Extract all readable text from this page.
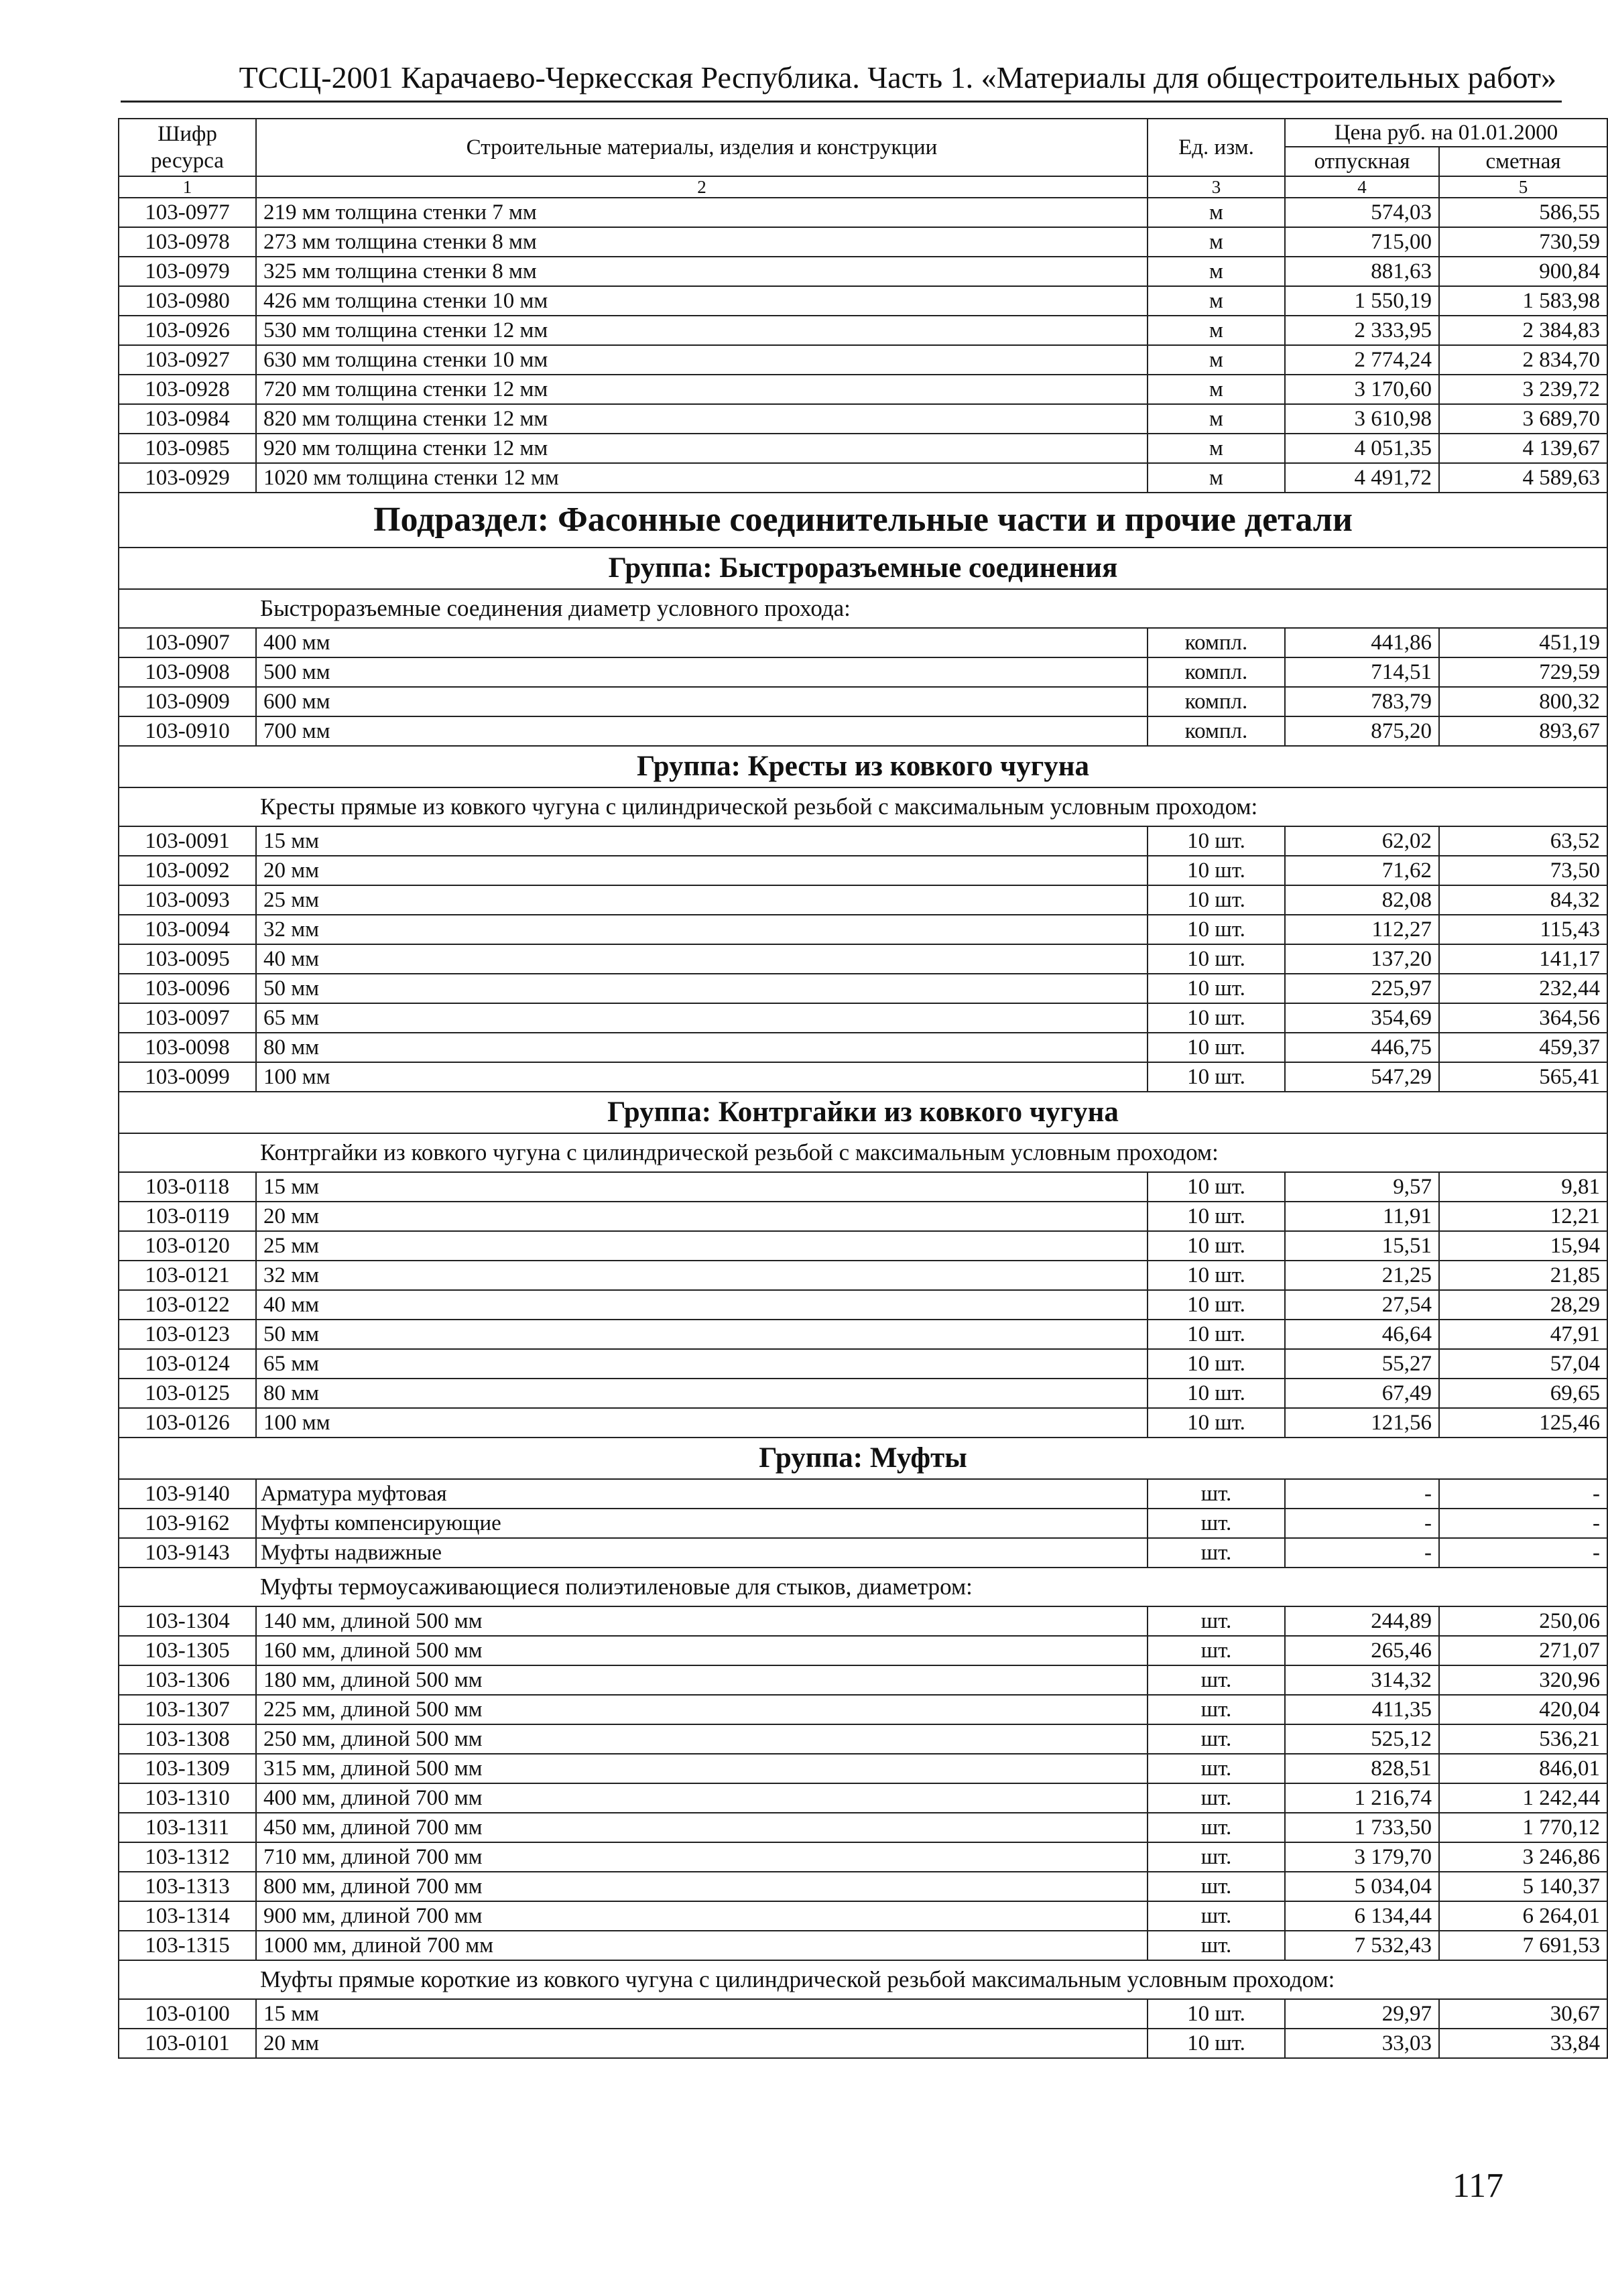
ТССЦ-2001 Карачаево-Черкесская Республика. Часть 1. «Материалы для общестроительных работ»
Шифр ресурса	Строительные материалы, изделия и конструкции	Ед. изм.	Цена руб. на 01.01.2000	
			отпускная	сметная
1	2	3	4	5
103-0977	219 мм толщина стенки 7 мм	м	574,03	586,55
103-0978	273 мм толщина стенки 8 мм	м	715,00	730,59
103-0979	325 мм толщина стенки 8 мм	м	881,63	900,84
103-0980	426 мм толщина стенки 10 мм	м	1 550,19	1 583,98
103-0926	530 мм толщина стенки 12 мм	м	2 333,95	2 384,83
103-0927	630 мм толщина стенки 10 мм	м	2 774,24	2 834,70
103-0928	720 мм толщина стенки 12 мм	м	3 170,60	3 239,72
103-0984	820 мм толщина стенки 12 мм	м	3 610,98	3 689,70
103-0985	920 мм толщина стенки 12 мм	м	4 051,35	4 139,67
103-0929	1020 мм толщина стенки 12 мм	м	4 491,72	4 589,63
Подраздел: Фасонные соединительные части и прочие детали				
Группа: Быстроразъемные соединения				
Быстроразъемные соединения диаметр условного прохода:				
103-0907	400 мм	компл.	441,86	451,19
103-0908	500 мм	компл.	714,51	729,59
103-0909	600 мм	компл.	783,79	800,32
103-0910	700 мм	компл.	875,20	893,67
Группа: Кресты из ковкого чугуна				
Кресты прямые из ковкого чугуна с цилиндрической резьбой с максимальным условным проходом:				
103-0091	15 мм	10 шт.	62,02	63,52
103-0092	20 мм	10 шт.	71,62	73,50
103-0093	25 мм	10 шт.	82,08	84,32
103-0094	32 мм	10 шт.	112,27	115,43
103-0095	40 мм	10 шт.	137,20	141,17
103-0096	50 мм	10 шт.	225,97	232,44
103-0097	65 мм	10 шт.	354,69	364,56
103-0098	80 мм	10 шт.	446,75	459,37
103-0099	100 мм	10 шт.	547,29	565,41
Группа: Контргайки из ковкого чугуна				
Контргайки из ковкого чугуна с цилиндрической резьбой с максимальным условным проходом:				
103-0118	15 мм	10 шт.	9,57	9,81
103-0119	20 мм	10 шт.	11,91	12,21
103-0120	25 мм	10 шт.	15,51	15,94
103-0121	32 мм	10 шт.	21,25	21,85
103-0122	40 мм	10 шт.	27,54	28,29
103-0123	50 мм	10 шт.	46,64	47,91
103-0124	65 мм	10 шт.	55,27	57,04
103-0125	80 мм	10 шт.	67,49	69,65
103-0126	100 мм	10 шт.	121,56	125,46
Группа: Муфты				
103-9140	Арматура муфтовая	шт.	-	-
103-9162	Муфты компенсирующие	шт.	-	-
103-9143	Муфты надвижные	шт.	-	-
Муфты термоусаживающиеся полиэтиленовые для стыков, диаметром:				
103-1304	140 мм, длиной 500 мм	шт.	244,89	250,06
103-1305	160 мм, длиной 500 мм	шт.	265,46	271,07
103-1306	180 мм, длиной 500 мм	шт.	314,32	320,96
103-1307	225 мм, длиной 500 мм	шт.	411,35	420,04
103-1308	250 мм, длиной 500 мм	шт.	525,12	536,21
103-1309	315 мм, длиной 500 мм	шт.	828,51	846,01
103-1310	400 мм, длиной 700 мм	шт.	1 216,74	1 242,44
103-1311	450 мм, длиной 700 мм	шт.	1 733,50	1 770,12
103-1312	710 мм, длиной 700 мм	шт.	3 179,70	3 246,86
103-1313	800 мм, длиной 700 мм	шт.	5 034,04	5 140,37
103-1314	900 мм, длиной 700 мм	шт.	6 134,44	6 264,01
103-1315	1000 мм, длиной 700 мм	шт.	7 532,43	7 691,53
Муфты прямые короткие из ковкого чугуна с цилиндрической резьбой максимальным условным проходом:				
103-0100	15 мм	10 шт.	29,97	30,67
103-0101	20 мм	10 шт.	33,03	33,84
117
